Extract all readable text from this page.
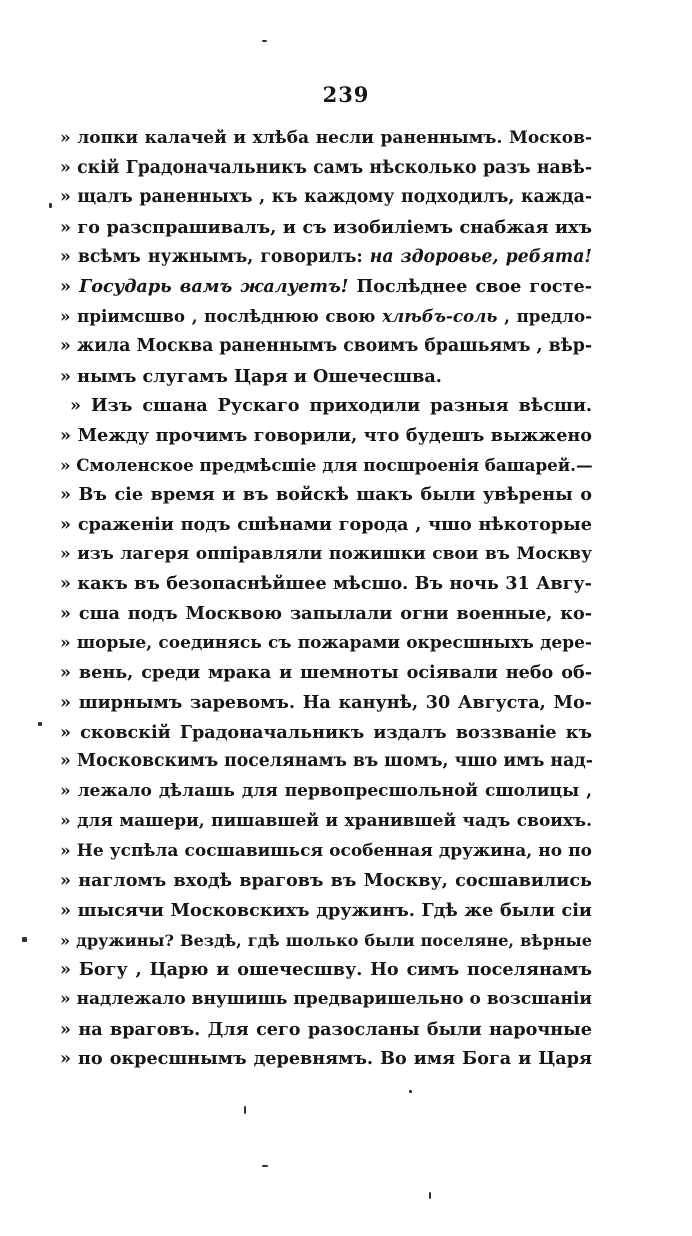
239
» лопки калачей и хлѣба несли раненнымъ. Москов-
» скій Градоначальникъ самъ нѣсколько разъ навѣ-
» щалъ раненныхъ , къ каждому подходилъ, кажда-
» го разспрашивалъ, и съ изобиліемъ снабжая ихъ
» всѣмъ нужнымъ, говорилъ: на здоровье, ребята!
» Государь вамъ жалуетъ! Послѣднее свое госте-
» пріимсшво , послѣднюю свою хлѣбъ-соль , предло-
» жила Москва раненнымъ своимъ брашьямъ , вѣр-
» нымъ слугамъ Царя и Ошечесшва.
» Изъ сшана Рускаго приходили разныя вѣсши.
» Между прочимъ говорили, что будешъ выжжено
» Смоленское предмѣсшіе для посшроенія башарей.—
» Въ сіе время и въ войскѣ шакъ были увѣрены о
» сраженіи подъ сшѣнами города , чшо нѣкоторые
» изъ лагеря оппіравляли пожишки свои въ Москву
» какъ въ безопаснѣйшее мѣсшо. Въ ночь 31 Авгу-
» сша подъ Москвою запылали огни военные, ко-
» шорые, соединясь съ пожарами окресшныхъ дере-
» вень, среди мрака и шемноты осіявали небо об-
» ширнымъ заревомъ. На канунѣ, 30 Августа, Мо-
» сковскій Градоначальникъ издалъ воззваніе къ
» Московскимъ поселянамъ въ шомъ, чшо имъ над-
» лежало дѣлашь для первопресшольной сшолицы ,
» для машери, пишавшей и хранившей чадъ своихъ.
» Не успѣла сосшавишься особенная дружина, но по
» нагломъ входѣ враговъ въ Москву, сосшавились
» шысячи Московскихъ дружинъ. Гдѣ же были сіи
» дружины? Вездѣ, гдѣ шолько были поселяне, вѣрные
» Богу , Царю и ошечесшву. Но симъ поселянамъ
» надлежало внушишь предваришельно о возсшаніи
» на враговъ. Для сего разосланы были нарочные
» по окресшнымъ деревнямъ. Во имя Бога и Царя
